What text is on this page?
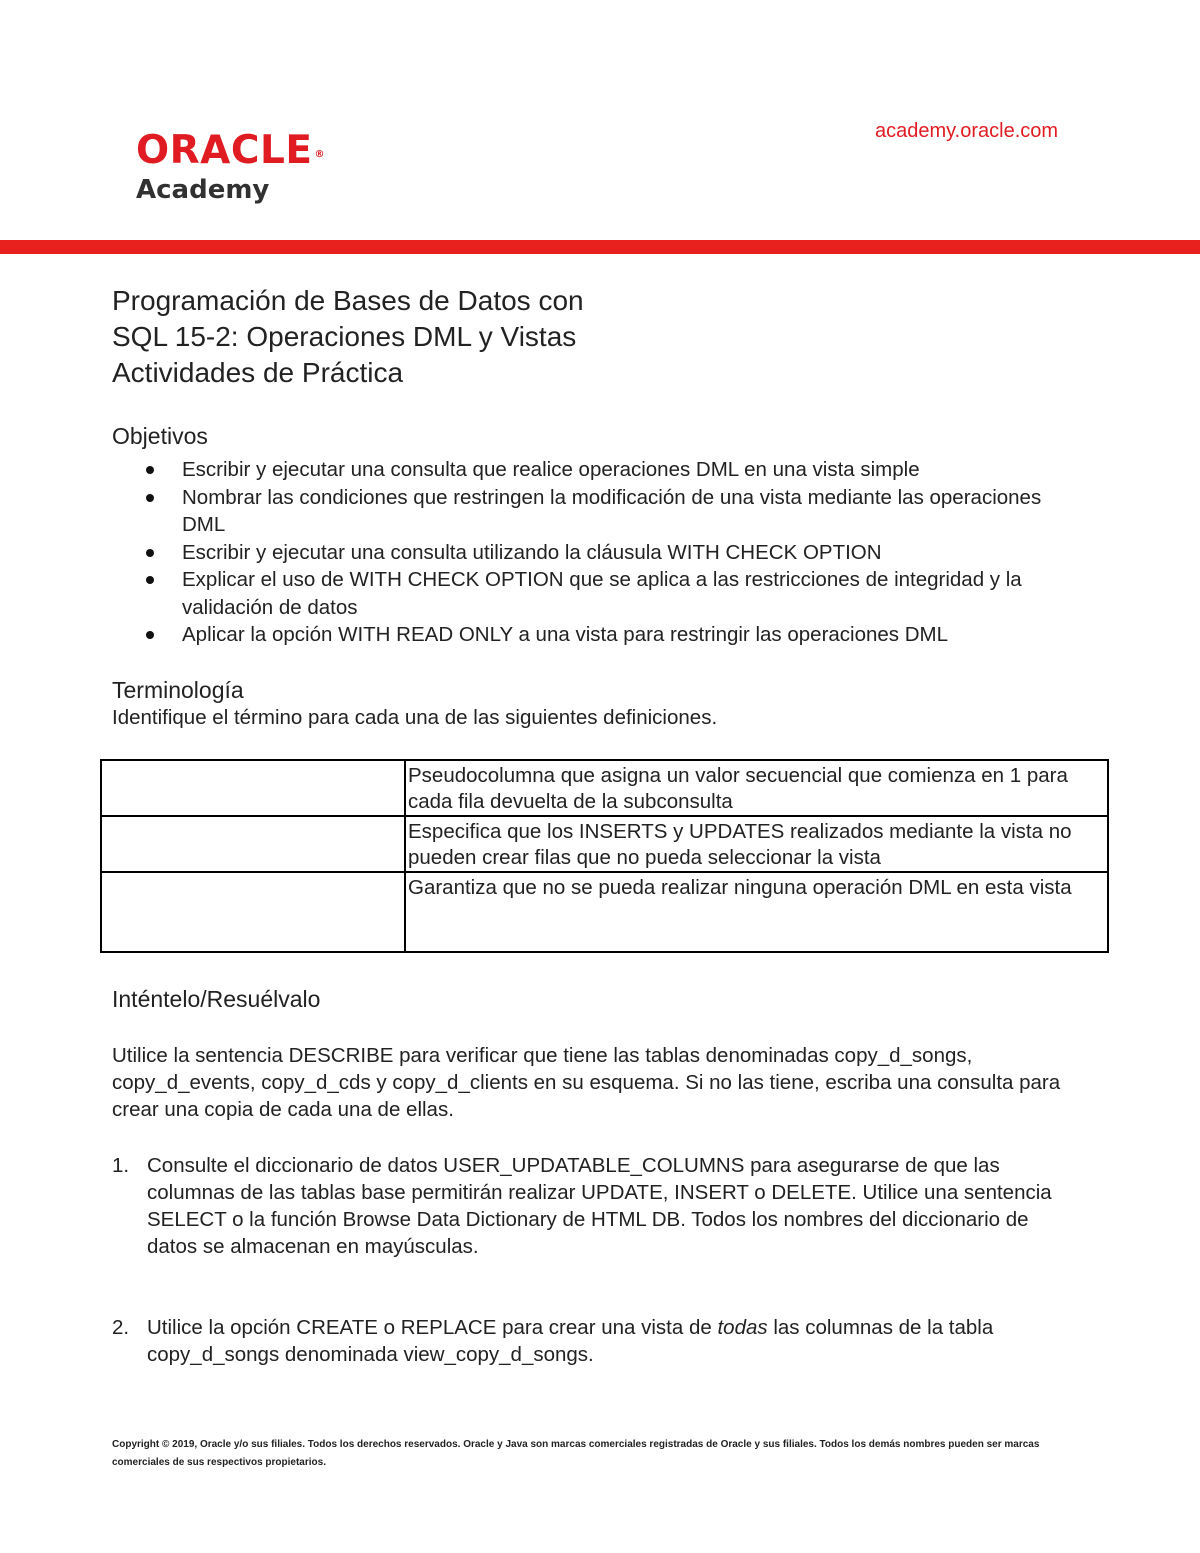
ORACLE ®
Academy
academy.oracle.com
Programación de Bases de Datos con
SQL 15-2: Operaciones DML y Vistas
Actividades de Práctica
Objetivos
Escribir y ejecutar una consulta que realice operaciones DML en una vista simple
Nombrar las condiciones que restringen la modificación de una vista mediante las operaciones DML
Escribir y ejecutar una consulta utilizando la cláusula WITH CHECK OPTION
Explicar el uso de WITH CHECK OPTION que se aplica a las restricciones de integridad y la validación de datos
Aplicar la opción WITH READ ONLY a una vista para restringir las operaciones DML
Terminología
Identifique el término para cada una de las siguientes definiciones.
	Pseudocolumna que asigna un valor secuencial que comienza en 1 para cada fila devuelta de la subconsulta
	Especifica que los INSERTS y UPDATES realizados mediante la vista no pueden crear filas que no pueda seleccionar la vista
	Garantiza que no se pueda realizar ninguna operación DML en esta vista
Inténtelo/Resuélvalo
Utilice la sentencia DESCRIBE para verificar que tiene las tablas denominadas copy_d_songs, copy_d_events, copy_d_cds y copy_d_clients en su esquema. Si no las tiene, escriba una consulta para crear una copia de cada una de ellas.
1. Consulte el diccionario de datos USER_UPDATABLE_COLUMNS para asegurarse de que las columnas de las tablas base permitirán realizar UPDATE, INSERT o DELETE. Utilice una sentencia SELECT o la función Browse Data Dictionary de HTML DB. Todos los nombres del diccionario de datos se almacenan en mayúsculas.
2. Utilice la opción CREATE o REPLACE para crear una vista de todas las columnas de la tabla copy_d_songs denominada view_copy_d_songs.
Copyright © 2019, Oracle y/o sus filiales. Todos los derechos reservados. Oracle y Java son marcas comerciales registradas de Oracle y sus filiales. Todos los demás nombres pueden ser marcas comerciales de sus respectivos propietarios.
